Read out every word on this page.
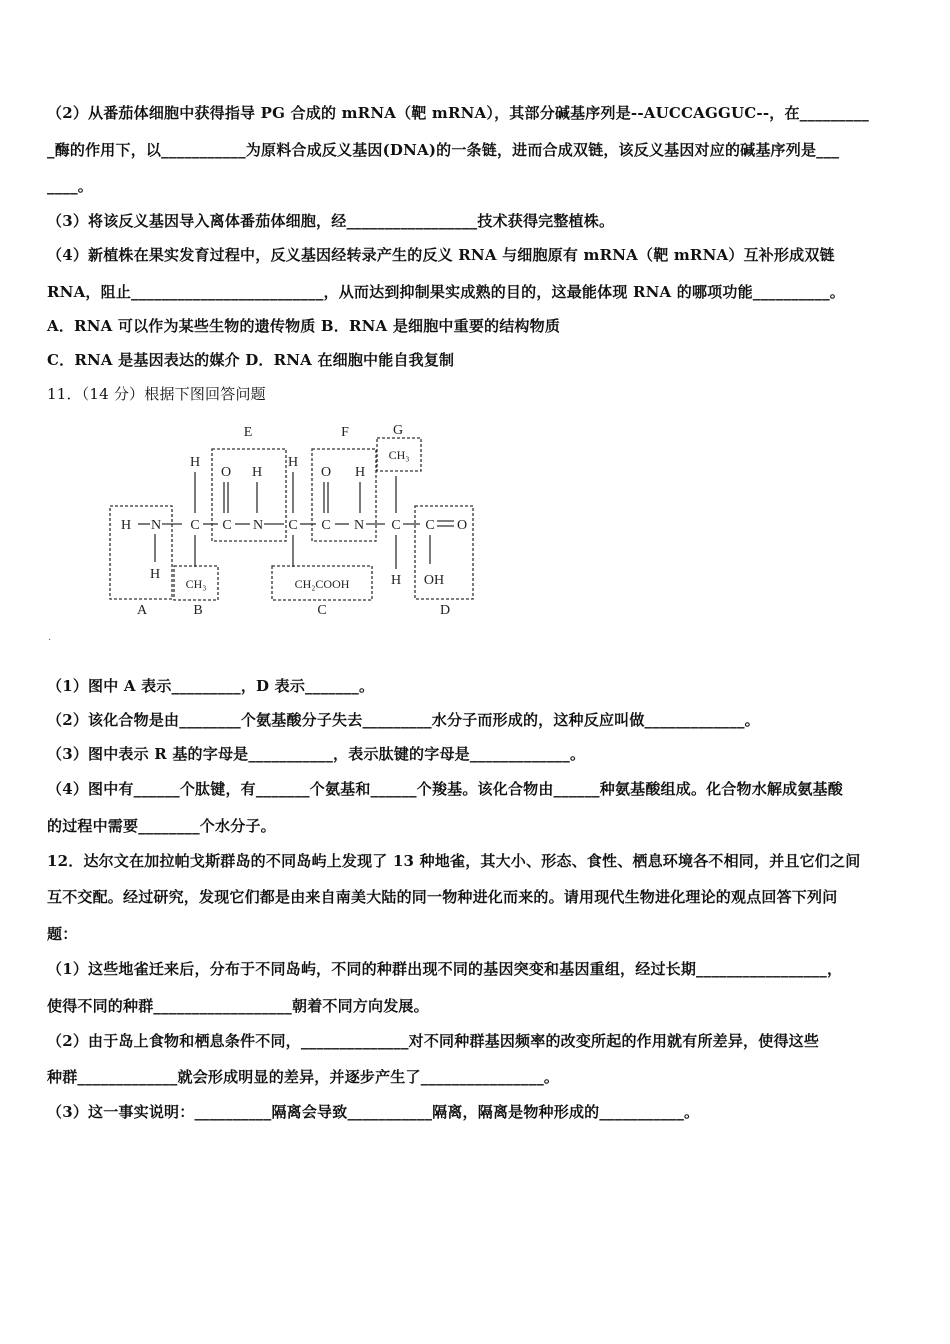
（2）从番茄体细胞中获得指导 PG 合成的 mRNA（靶 mRNA），其部分碱基序列是--AUCCAGGUC--，在_________
_酶的作用下，以___________为原料合成反义基因(DNA)的一条链，进而合成双链，该反义基因对应的碱基序列是___
____。
（3）将该反义基因导入离体番茄体细胞，经_________________技术获得完整植株。
（4）新植株在果实发育过程中，反义基因经转录产生的反义 RNA 与细胞原有 mRNA（靶 mRNA）互补形成双链
RNA，阻止_________________________，从而达到抑制果实成熟的目的，这最能体现 RNA 的哪项功能__________。
A．RNA 可以作为某些生物的遗传物质 B．RNA 是细胞中重要的结构物质
C．RNA 是基因表达的媒介 D．RNA 在细胞中能自我复制
11．（14 分）根据下图回答问题
E	F	G
A	B	C	D
H N
H
H
C
CH₃
O H
C N
H
C
CH₂COOH
O H
C N
CH₃
C
H
C O
OH
.
（1）图中 A 表示_________，D 表示_______。
（2）该化合物是由________个氨基酸分子失去_________水分子而形成的，这种反应叫做_____________。
（3）图中表示 R 基的字母是___________，表示肽键的字母是_____________。
（4）图中有______个肽键，有_______个氨基和______个羧基。该化合物由______种氨基酸组成。化合物水解成氨基酸
的过程中需要________个水分子。
12．达尔文在加拉帕戈斯群岛的不同岛屿上发现了 13 种地雀，其大小、形态、食性、栖息环境各不相同，并且它们之间
互不交配。经过研究，发现它们都是由来自南美大陆的同一物种进化而来的。请用现代生物进化理论的观点回答下列问
题：
（1）这些地雀迁来后，分布于不同岛屿，不同的种群出现不同的基因突变和基因重组，经过长期_________________，
使得不同的种群__________________朝着不同方向发展。
（2）由于岛上食物和栖息条件不同，______________对不同种群基因频率的改变所起的作用就有所差异，使得这些
种群_____________就会形成明显的差异，并逐步产生了________________。
（3）这一事实说明：__________隔离会导致___________隔离，隔离是物种形成的___________。
